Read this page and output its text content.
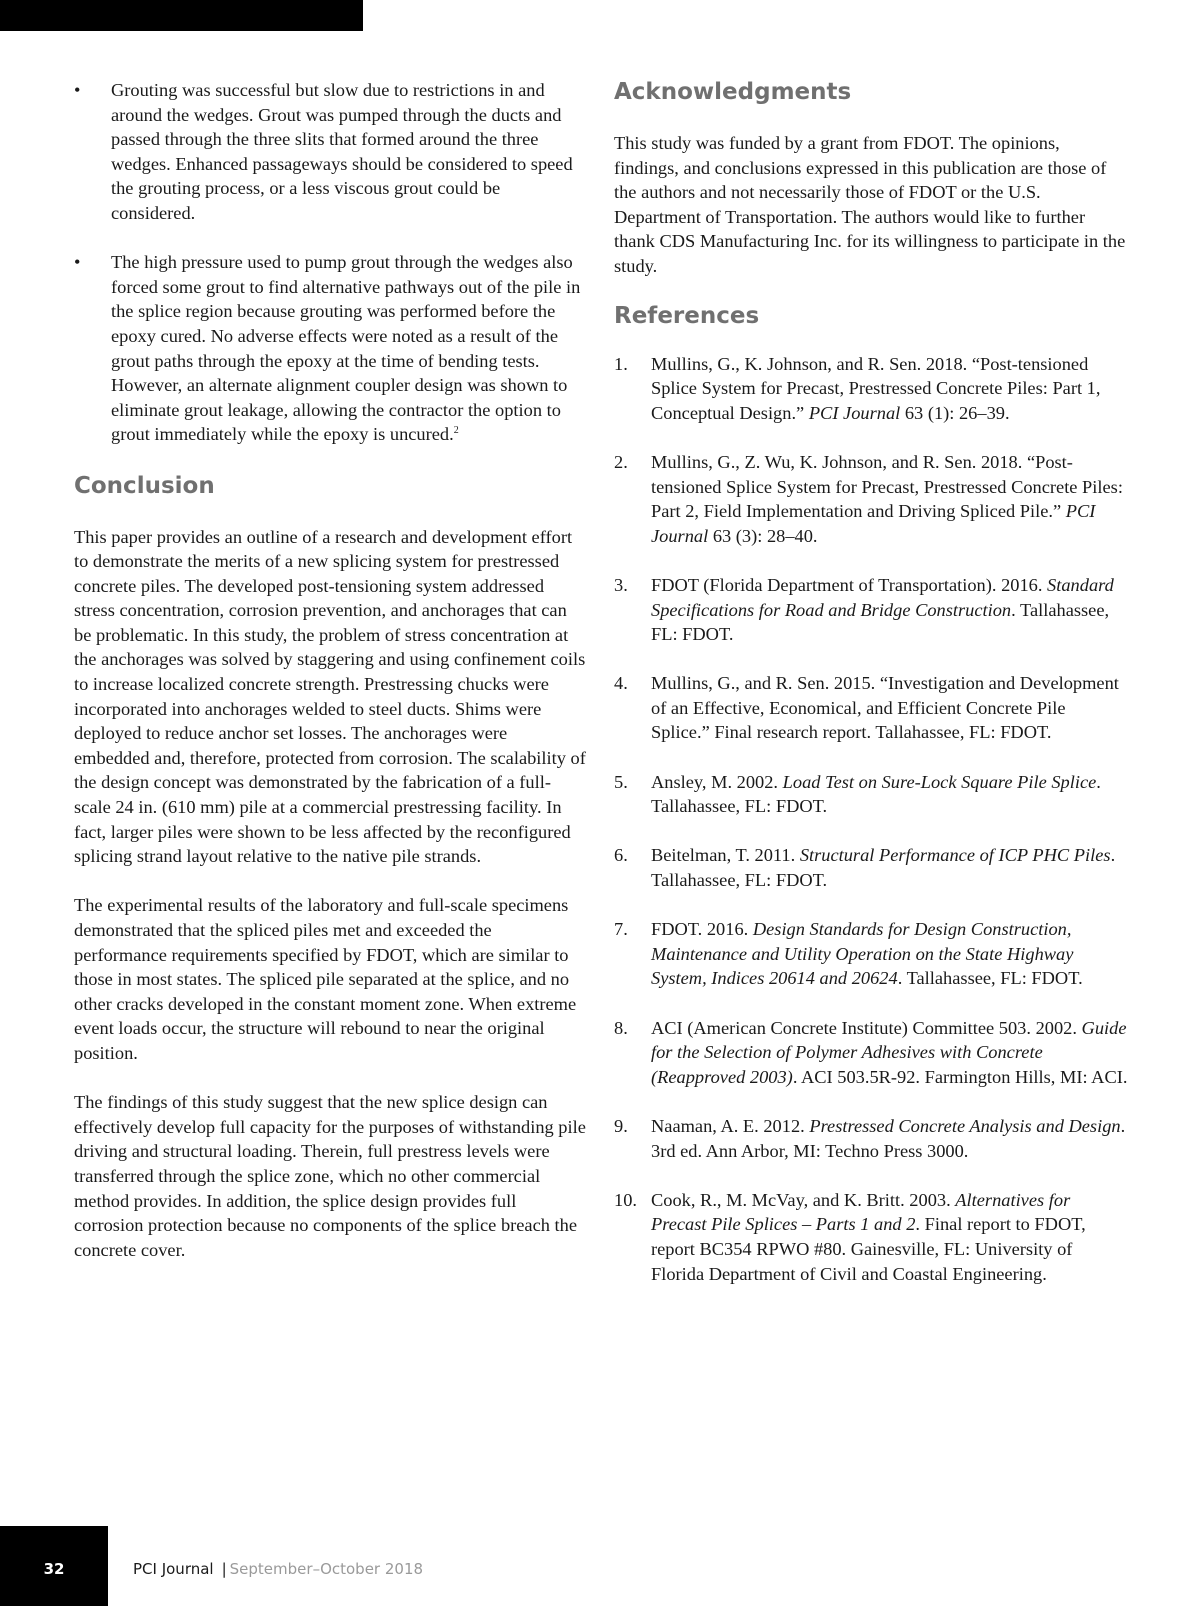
• Grouting was successful but slow due to restrictions in and around the wedges. Grout was pumped through the ducts and passed through the three slits that formed around the three wedges. Enhanced passageways should be considered to speed the grouting process, or a less viscous grout could be considered.
• The high pressure used to pump grout through the wedges also forced some grout to find alternative pathways out of the pile in the splice region because grouting was performed before the epoxy cured. No adverse effects were noted as a result of the grout paths through the epoxy at the time of bending tests. However, an alternate alignment coupler design was shown to eliminate grout leakage, allowing the contractor the option to grout immediately while the epoxy is uncured.$^2$
Conclusion

This paper provides an outline of a research and development effort to demonstrate the merits of a new splicing system for prestressed concrete piles. The developed post-tensioning system addressed stress concentration, corrosion prevention, and anchorages that can be problematic. In this study, the problem of stress concentration at the anchorages was solved by staggering and using confinement coils to increase localized concrete strength. Prestressing chucks were incorporated into anchorages welded to steel ducts. Shims were deployed to reduce anchor set losses. The anchorages were embedded and, therefore, protected from corrosion. The scalability of the design concept was demonstrated by the fabrication of a full-scale 24 in. (610 mm) pile at a commercial prestressing facility. In fact, larger piles were shown to be less affected by the reconfigured splicing strand layout relative to the native pile strands.

The experimental results of the laboratory and full-scale specimens demonstrated that the spliced piles met and exceeded the performance requirements specified by FDOT, which are similar to those in most states. The spliced pile separated at the splice, and no other cracks developed in the constant moment zone. When extreme event loads occur, the structure will rebound to near the original position.

The findings of this study suggest that the new splice design can effectively develop full capacity for the purposes of withstanding pile driving and structural loading. Therein, full prestress levels were transferred through the splice zone, which no other commercial method provides. In addition, the splice design provides full corrosion protection because no components of the splice breach the concrete cover.

Acknowledgments

This study was funded by a grant from FDOT. The opinions, findings, and conclusions expressed in this publication are those of the authors and not necessarily those of FDOT or the U.S. Department of Transportation. The authors would like to further thank CDS Manufacturing Inc. for its willingness to participate in the study.

References
1. Mullins, G., K. Johnson, and R. Sen. 2018. “Post-tensioned Splice System for Precast, Prestressed Concrete Piles: Part 1, Conceptual Design.” PCI Journal 63 (1): 26–39.
2. Mullins, G., Z. Wu, K. Johnson, and R. Sen. 2018. “Post-tensioned Splice System for Precast, Prestressed Concrete Piles: Part 2, Field Implementation and Driving Spliced Pile.” PCI Journal 63 (3): 28–40.
3. FDOT (Florida Department of Transportation). 2016. Standard Specifications for Road and Bridge Construction. Tallahassee, FL: FDOT.
4. Mullins, G., and R. Sen. 2015. “Investigation and Development of an Effective, Economical, and Efficient Concrete Pile Splice.” Final research report. Tallahassee, FL: FDOT.
5. Ansley, M. 2002. Load Test on Sure-Lock Square Pile Splice. Tallahassee, FL: FDOT.
6. Beitelman, T. 2011. Structural Performance of ICP PHC Piles. Tallahassee, FL: FDOT.
7. FDOT. 2016. Design Standards for Design Construction, Maintenance and Utility Operation on the State Highway System, Indices 20614 and 20624. Tallahassee, FL: FDOT.
8. ACI (American Concrete Institute) Committee 503. 2002. Guide for the Selection of Polymer Adhesives with Concrete (Reapproved 2003). ACI 503.5R-92. Farmington Hills, MI: ACI.
9. Naaman, A. E. 2012. Prestressed Concrete Analysis and Design. 3rd ed. Ann Arbor, MI: Techno Press 3000.
10. Cook, R., M. McVay, and K. Britt. 2003. Alternatives for Precast Pile Splices – Parts 1 and 2. Final report to FDOT, report BC354 RPWO #80. Gainesville, FL: University of Florida Department of Civil and Coastal Engineering.
32	PCI Journal | September–October 2018
